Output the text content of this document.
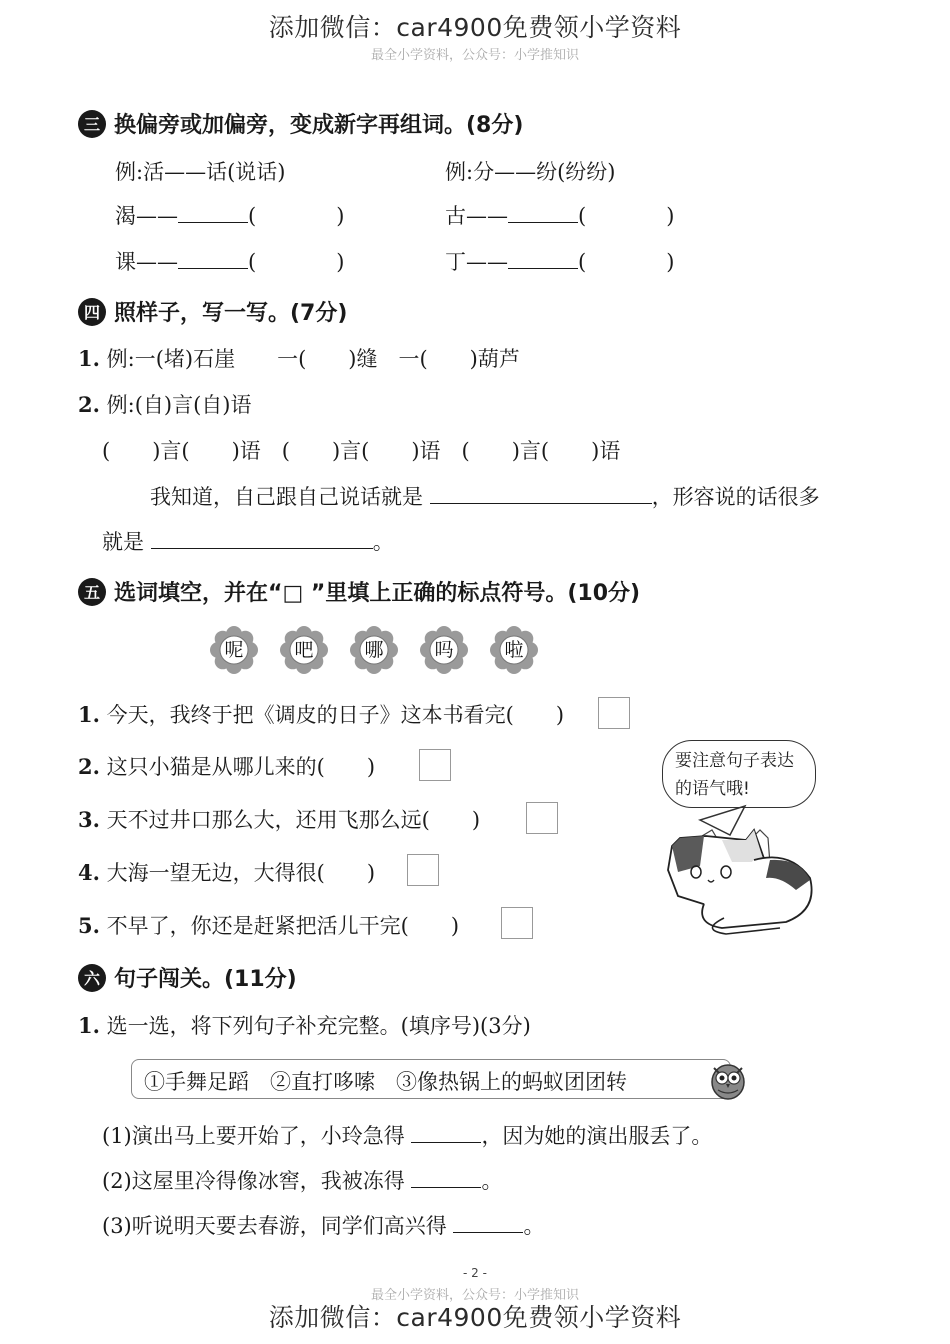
添加微信：car4900免费领小学资料
最全小学资料，公众号：小学推知识
三 换偏旁或加偏旁，变成新字再组词。(8分)
例:活——话(说话)	例:分——纷(纷纷)
渴——	(	)	古——	(	)
课——	(	)	丁——	(	)
四 照样子，写一写。(7分)
1. 例:一(堵)石崖　　一(　　)缝　一(　　)葫芦
2. 例:(自)言(自)语
(　　)言(　　)语　(　　)言(　　)语　(　　)言(　　)语
我知道，自己跟自己说话就是	，形容说的话很多
就是	。
五 选词填空，并在“□ ”里填上正确的标点符号。(10分)
呢	吧	哪	吗	啦
1. 今天，我终于把《调皮的日子》这本书看完(　　)
2. 这只小猫是从哪儿来的(　　)
3. 天不过井口那么大，还用飞那么远(　　)
4. 大海一望无边，大得很(　　)
5. 不早了，你还是赶紧把活儿干完(　　)
要注意句子表达的语气哦!
六 句子闯关。(11分)
1. 选一选，将下列句子补充完整。(填序号)(3分)
①手舞足蹈　②直打哆嗦　③像热锅上的蚂蚁团团转
(1)演出马上要开始了，小玲急得	，因为她的演出服丢了。
(2)这屋里冷得像冰窖，我被冻得	。
(3)听说明天要去春游，同学们高兴得	。
- 2 -
最全小学资料，公众号：小学推知识
添加微信：car4900免费领小学资料
